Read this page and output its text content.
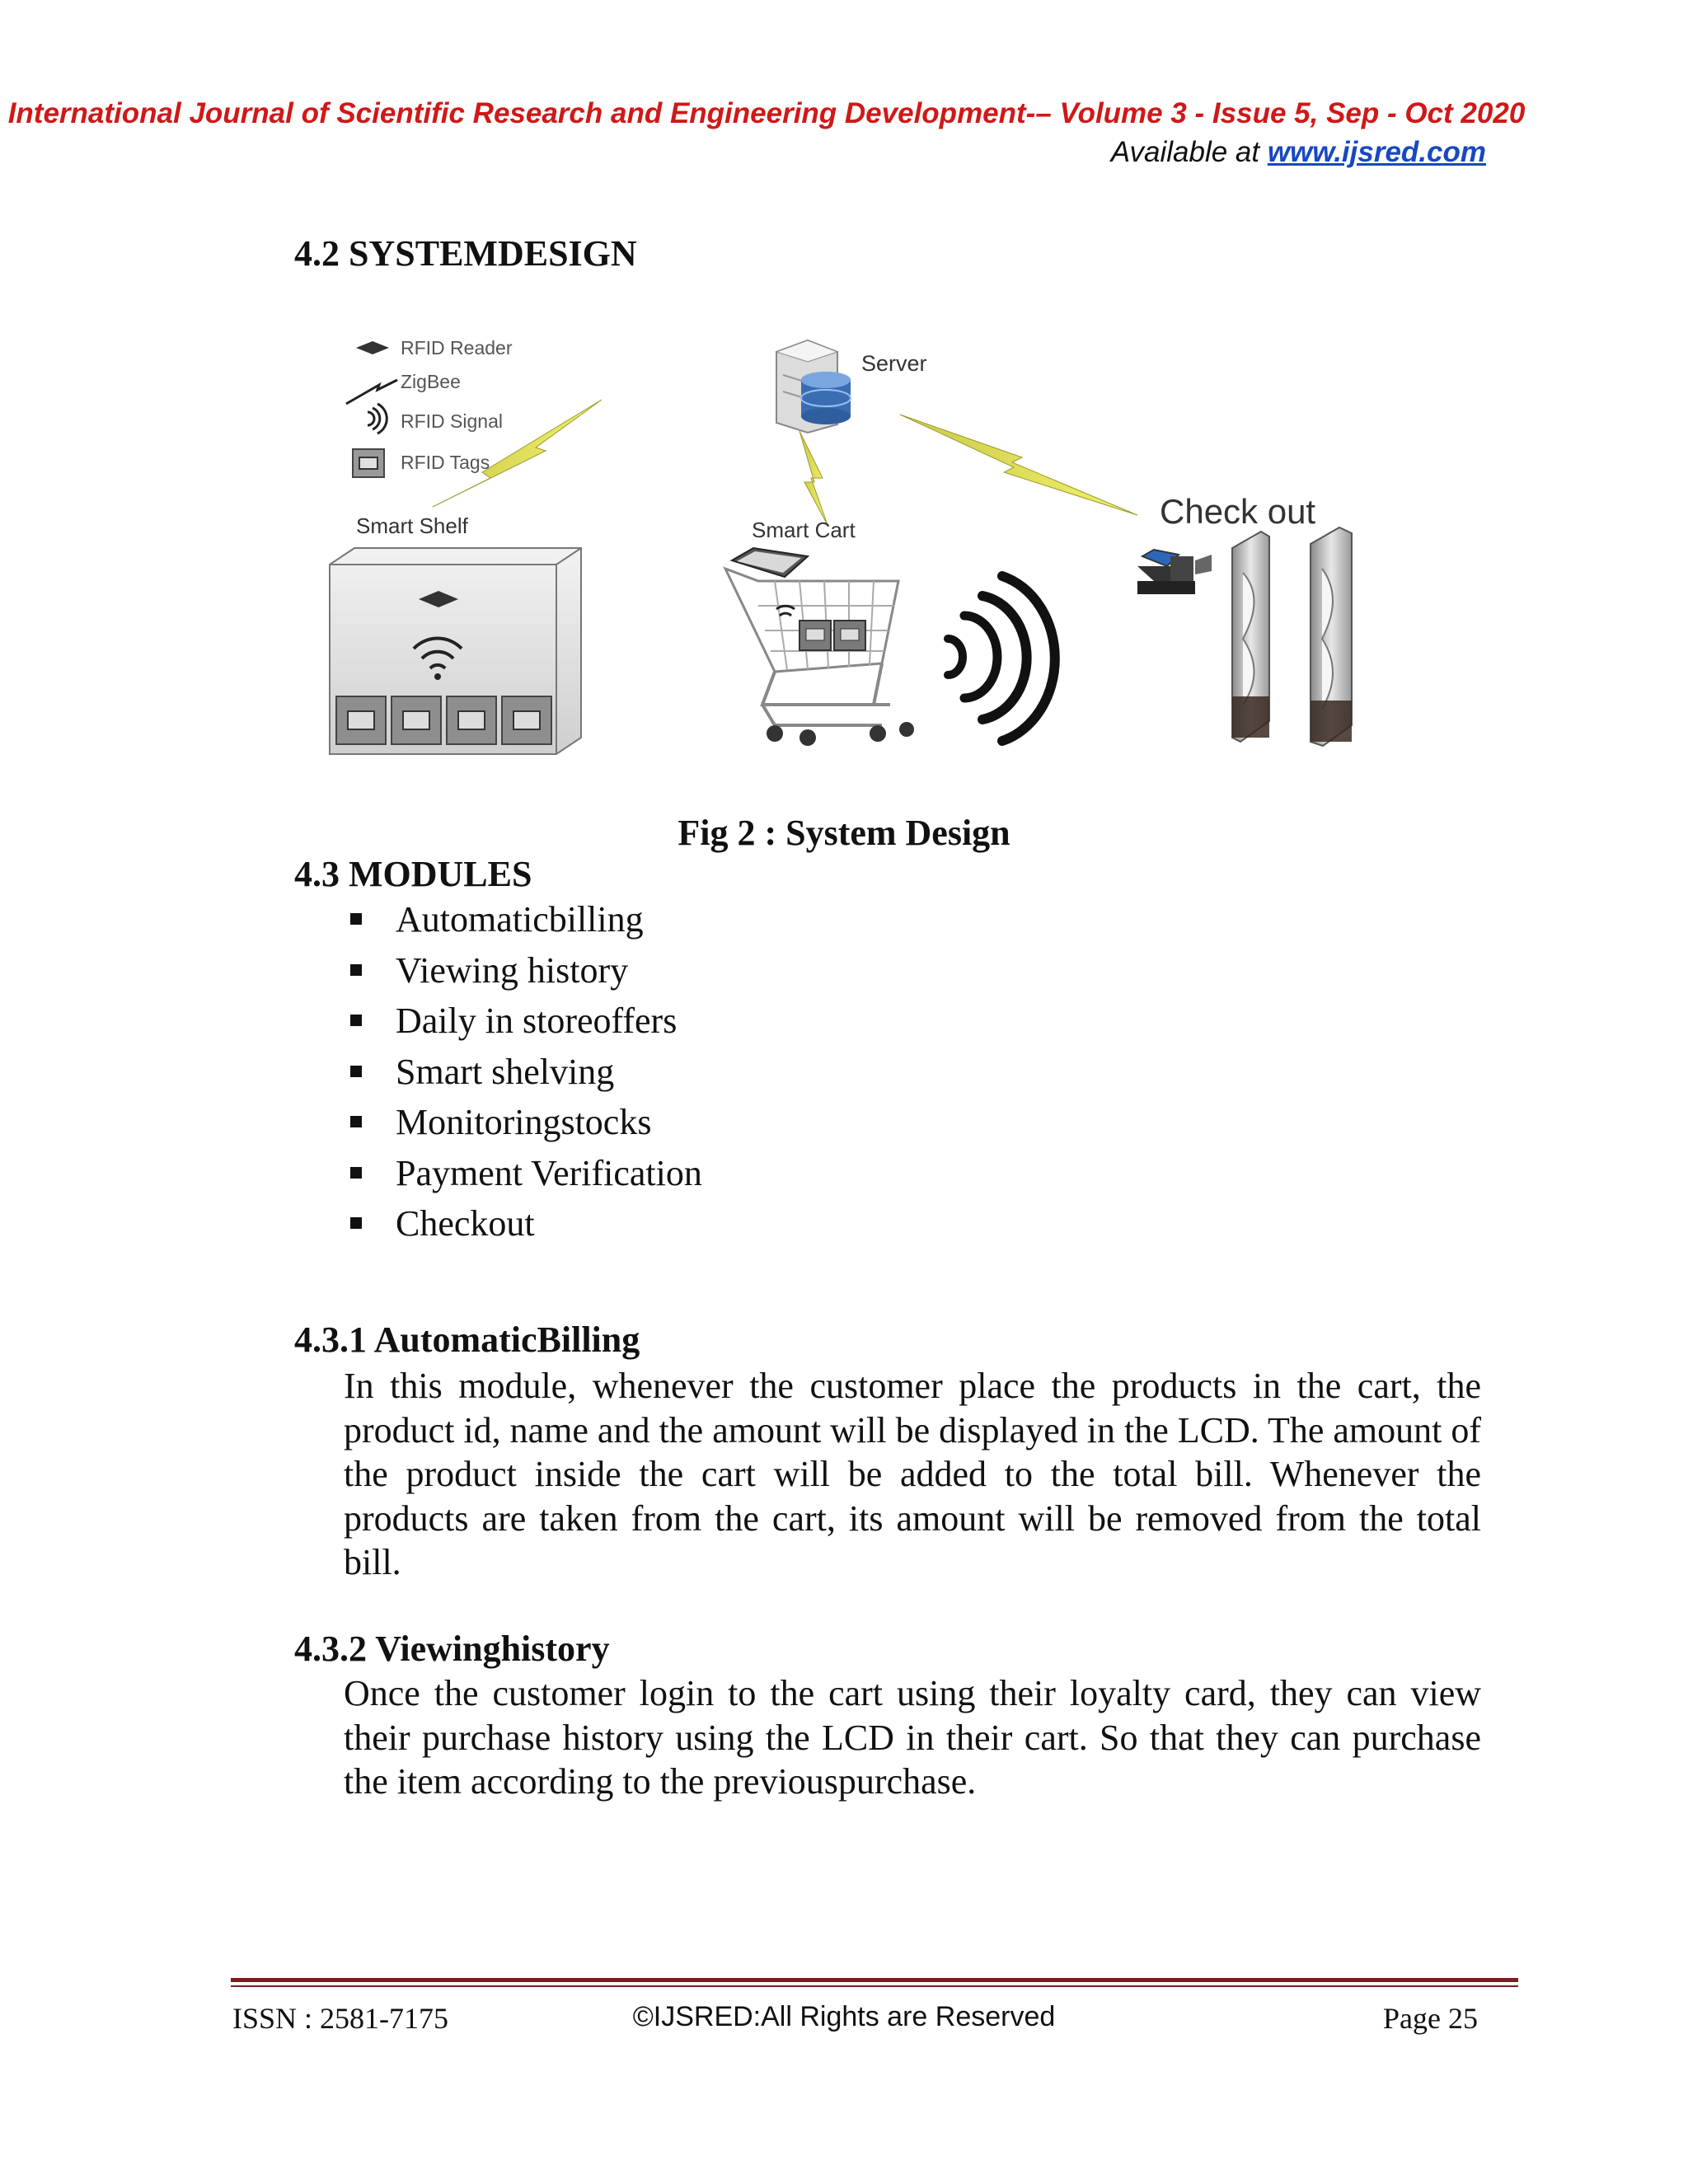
International Journal of Scientific Research and Engineering Development-– Volume 3 - Issue 5, Sep - Oct 2020
Available at www.ijsred.com
4.2 SYSTEMDESIGN
RFID Reader
ZigBee
RFID Signal
RFID Tags
Server
Smart Shelf	Smart Cart	Check out
Fig 2 : System Design
4.3 MODULES
Automaticbilling
Viewing history
Daily in storeoffers
Smart shelving
Monitoringstocks
Payment Verification
Checkout
4.3.1 AutomaticBilling
In this module, whenever the customer place the products in the cart, the product id, name and the amount will be displayed in the LCD. The amount of the product inside the cart will be added to the total bill. Whenever the products are taken from the cart, its amount will be removed from the total bill.
4.3.2 Viewinghistory
Once the customer login to the cart using their loyalty card, they can view their purchase history using the LCD in their cart. So that they can purchase the item according to the previouspurchase.
ISSN : 2581-7175	©IJSRED:All Rights are Reserved	Page 25
